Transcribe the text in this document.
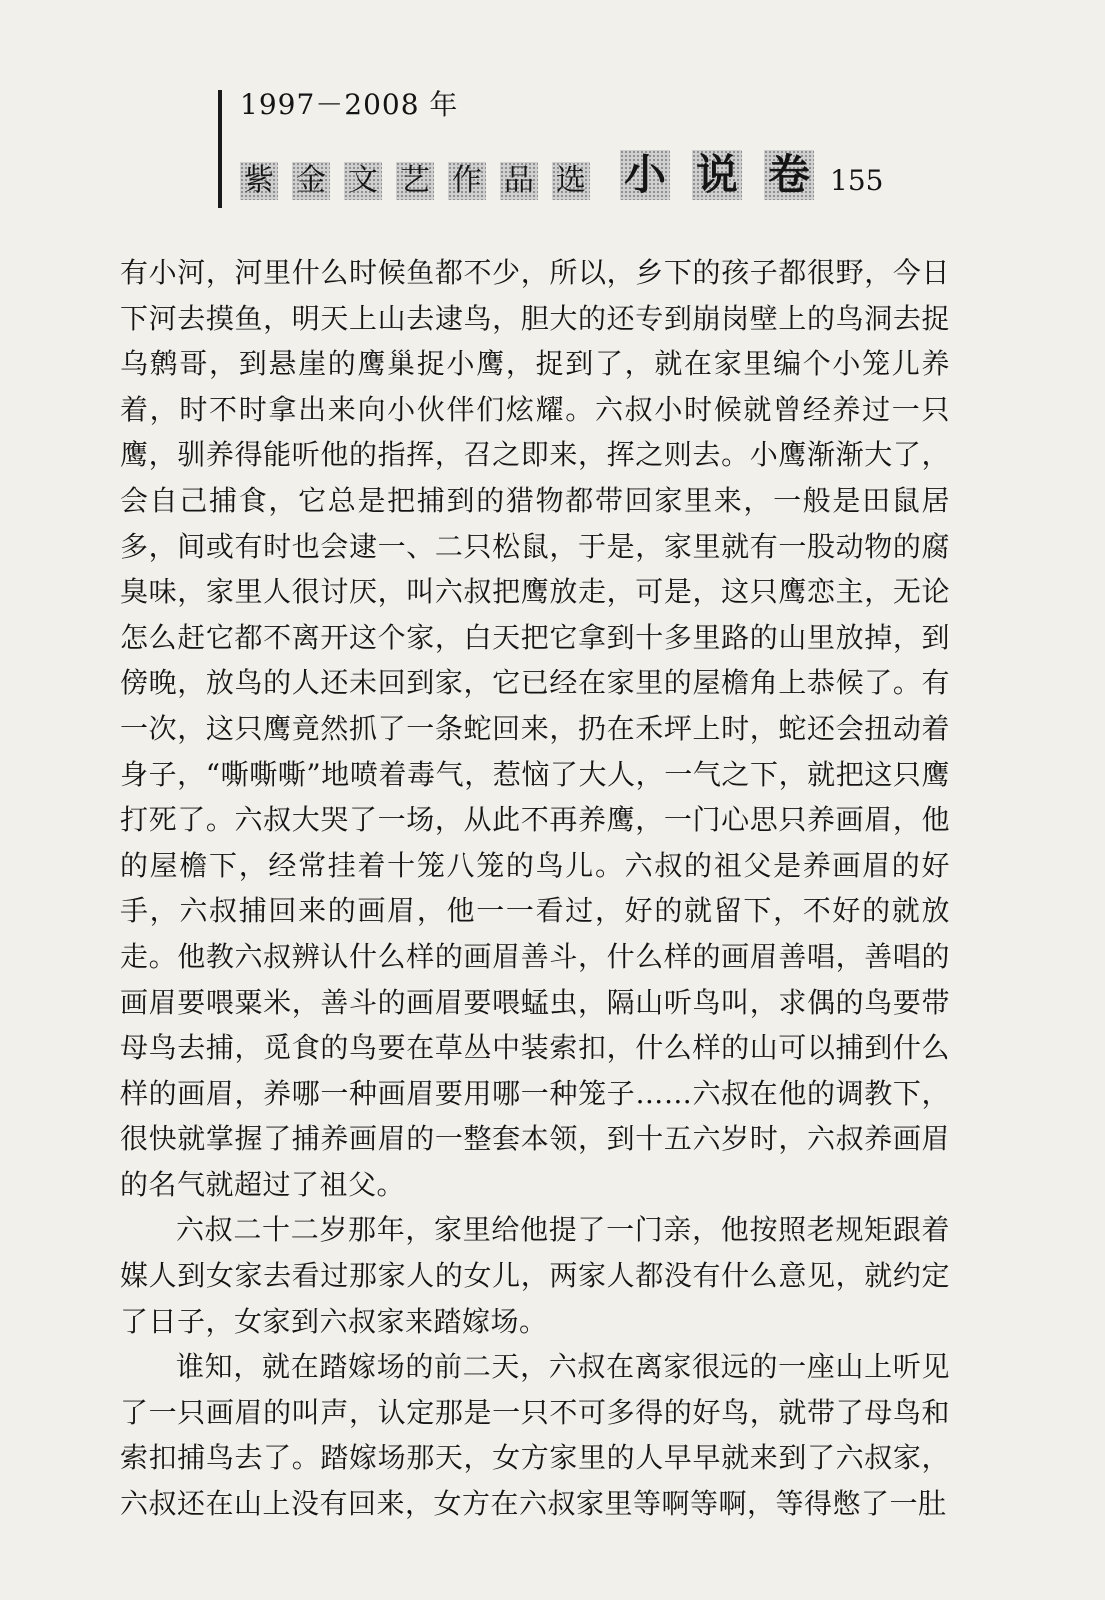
1997－2008 年
紫 金 文 艺 作 品 选 小 说 卷 155

有小河，河里什么时候鱼都不少，所以，乡下的孩子都很野，今日下河去摸鱼，明天上山去逮鸟，胆大的还专到崩岗壁上的鸟洞去捉乌鹩哥，到悬崖的鹰巢捉小鹰，捉到了，就在家里编个小笼儿养着，时不时拿出来向小伙伴们炫耀。六叔小时候就曾经养过一只鹰，驯养得能听他的指挥，召之即来，挥之则去。小鹰渐渐大了，会自己捕食，它总是把捕到的猎物都带回家里来，一般是田鼠居多，间或有时也会逮一、二只松鼠，于是，家里就有一股动物的腐臭味，家里人很讨厌，叫六叔把鹰放走，可是，这只鹰恋主，无论怎么赶它都不离开这个家，白天把它拿到十多里路的山里放掉，到傍晚，放鸟的人还未回到家，它已经在家里的屋檐角上恭候了。有一次，这只鹰竟然抓了一条蛇回来，扔在禾坪上时，蛇还会扭动着身子，“嘶嘶嘶”地喷着毒气，惹恼了大人，一气之下，就把这只鹰打死了。六叔大哭了一场，从此不再养鹰，一门心思只养画眉，他的屋檐下，经常挂着十笼八笼的鸟儿。六叔的祖父是养画眉的好手，六叔捕回来的画眉，他一一看过，好的就留下，不好的就放走。他教六叔辨认什么样的画眉善斗，什么样的画眉善唱，善唱的画眉要喂粟米，善斗的画眉要喂蜢虫，隔山听鸟叫，求偶的鸟要带母鸟去捕，觅食的鸟要在草丛中装索扣，什么样的山可以捕到什么样的画眉，养哪一种画眉要用哪一种笼子……六叔在他的调教下，很快就掌握了捕养画眉的一整套本领，到十五六岁时，六叔养画眉的名气就超过了祖父。

六叔二十二岁那年，家里给他提了一门亲，他按照老规矩跟着媒人到女家去看过那家人的女儿，两家人都没有什么意见，就约定了日子，女家到六叔家来踏嫁场。

谁知，就在踏嫁场的前二天，六叔在离家很远的一座山上听见了一只画眉的叫声，认定那是一只不可多得的好鸟，就带了母鸟和索扣捕鸟去了。踏嫁场那天，女方家里的人早早就来到了六叔家，六叔还在山上没有回来，女方在六叔家里等啊等啊，等得憋了一肚
